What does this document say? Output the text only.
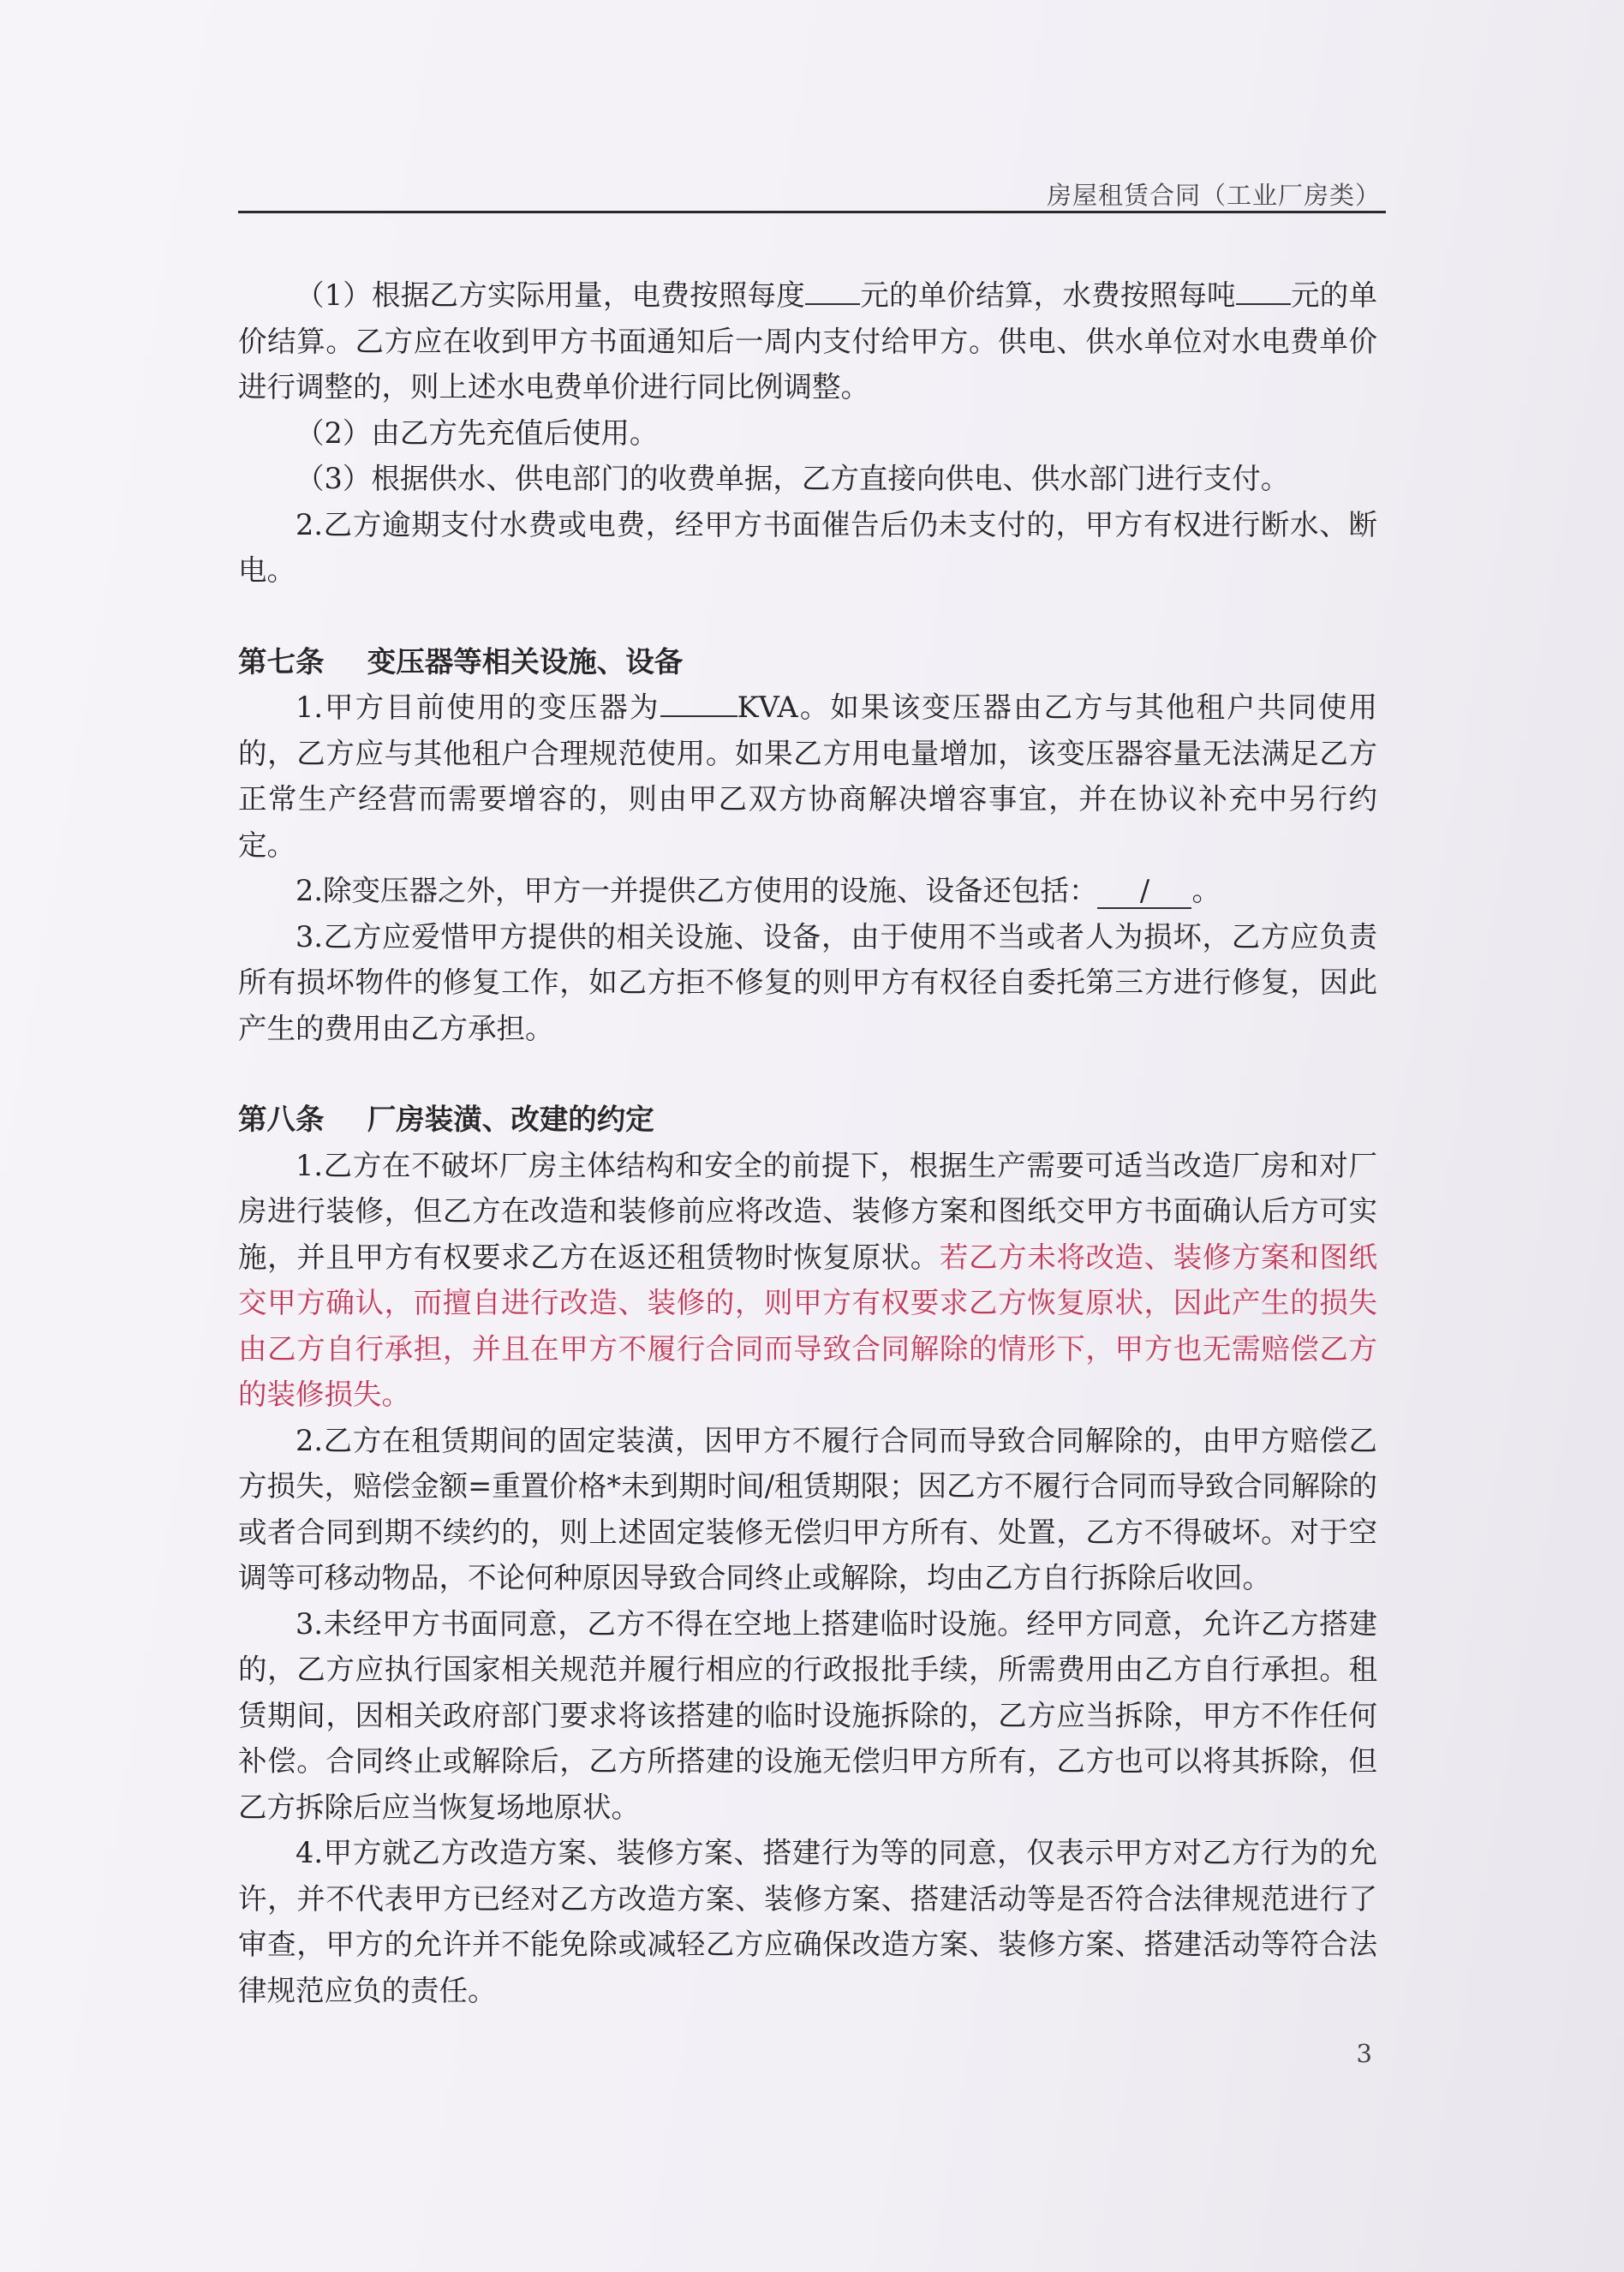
房屋租赁合同（工业厂房类）

（1）根据乙方实际用量，电费按照每度 元的单价结算，水费按照每吨 元的单价结算。乙方应在收到甲方书面通知后一周内支付给甲方。供电、供水单位对水电费单价进行调整的，则上述水电费单价进行同比例调整。

（2）由乙方先充值后使用。

（3）根据供水、供电部门的收费单据，乙方直接向供电、供水部门进行支付。

2.乙方逾期支付水费或电费，经甲方书面催告后仍未支付的，甲方有权进行断水、断电。

第七条 变压器等相关设施、设备

1.甲方目前使用的变压器为	KVA。如果该变压器由乙方与其他租户共同使用的，乙方应与其他租户合理规范使用。如果乙方用电量增加，该变压器容量无法满足乙方正常生产经营而需要增容的，则由甲乙双方协商解决增容事宜，并在协议补充中另行约定。

2.除变压器之外，甲方一并提供乙方使用的设施、设备还包括： / 。

3.乙方应爱惜甲方提供的相关设施、设备，由于使用不当或者人为损坏，乙方应负责所有损坏物件的修复工作，如乙方拒不修复的则甲方有权径自委托第三方进行修复，因此产生的费用由乙方承担。

第八条 厂房装潢、改建的约定

1.乙方在不破坏厂房主体结构和安全的前提下，根据生产需要可适当改造厂房和对厂房进行装修，但乙方在改造和装修前应将改造、装修方案和图纸交甲方书面确认后方可实施，并且甲方有权要求乙方在返还租赁物时恢复原状。若乙方未将改造、装修方案和图纸交甲方确认，而擅自进行改造、装修的，则甲方有权要求乙方恢复原状，因此产生的损失由乙方自行承担，并且在甲方不履行合同而导致合同解除的情形下，甲方也无需赔偿乙方的装修损失。

2.乙方在租赁期间的固定装潢，因甲方不履行合同而导致合同解除的，由甲方赔偿乙方损失，赔偿金额=重置价格*未到期时间/租赁期限；因乙方不履行合同而导致合同解除的或者合同到期不续约的，则上述固定装修无偿归甲方所有、处置，乙方不得破坏。对于空调等可移动物品，不论何种原因导致合同终止或解除，均由乙方自行拆除后收回。

3.未经甲方书面同意，乙方不得在空地上搭建临时设施。经甲方同意，允许乙方搭建的，乙方应执行国家相关规范并履行相应的行政报批手续，所需费用由乙方自行承担。租赁期间，因相关政府部门要求将该搭建的临时设施拆除的，乙方应当拆除，甲方不作任何补偿。合同终止或解除后，乙方所搭建的设施无偿归甲方所有，乙方也可以将其拆除，但乙方拆除后应当恢复场地原状。

4.甲方就乙方改造方案、装修方案、搭建行为等的同意，仅表示甲方对乙方行为的允许，并不代表甲方已经对乙方改造方案、装修方案、搭建活动等是否符合法律规范进行了审查，甲方的允许并不能免除或减轻乙方应确保改造方案、装修方案、搭建活动等符合法律规范应负的责任。

3
